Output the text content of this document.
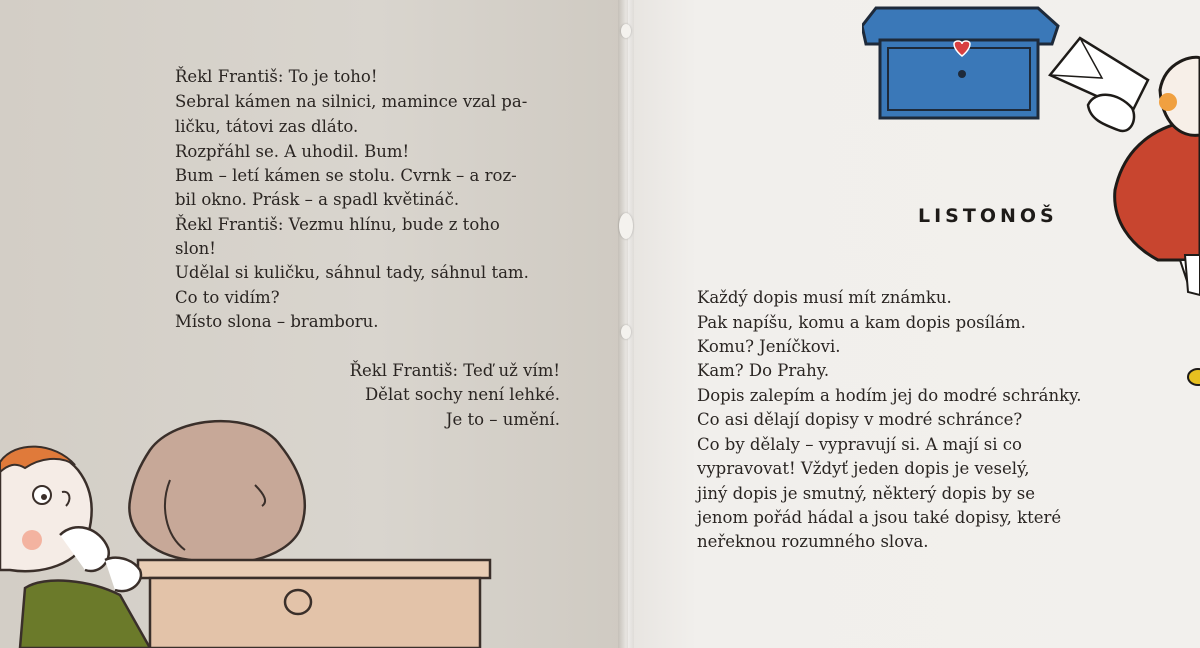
Řekl Františ: To je toho!
Sebral kámen na silnici, mamince vzal pa-
ličku, tátovi zas dláto.
Rozpřáhl se. A uhodil. Bum!
Bum – letí kámen se stolu. Cvrnk – a roz-
bil okno. Prásk – a spadl květináč.
Řekl Františ: Vezmu hlínu, bude z toho
slon!
Udělal si kuličku, sáhnul tady, sáhnul tam.
Co to vidím?
Místo slona – bramboru.
Řekl Františ: Teď už vím!
Dělat sochy není lehké.
Je to – umění.
LISTONOŠ
Každý dopis musí mít známku.
Pak napíšu, komu a kam dopis posílám.
Komu? Jeníčkovi.
Kam? Do Prahy.
Dopis zalepím a hodím jej do modré schránky.
Co asi dělají dopisy v modré schránce?
Co by dělaly – vypravují si. A mají si co
vypravovat! Vždyť jeden dopis je veselý,
jiný dopis je smutný, některý dopis by se
jenom pořád hádal a jsou také dopisy, které
neřeknou rozumného slova.
